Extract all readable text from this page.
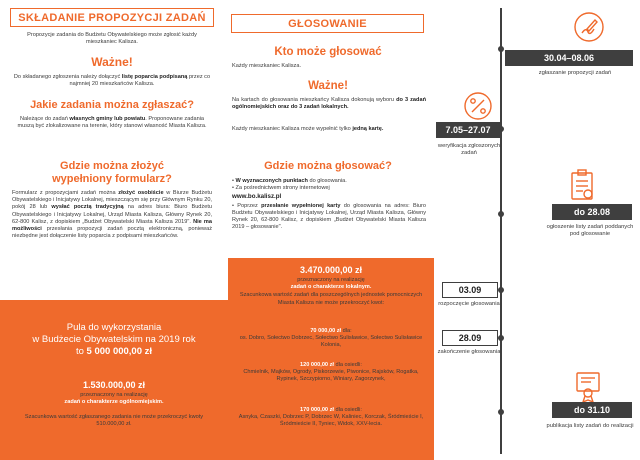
SKŁADANIE PROPOZYCJI ZADAŃ
Propozycje zadania do Budżetu Obywatelskiego może zgłosić każdy mieszkaniec Kalisza.
Ważne!
Do składanego zgłoszenia należy dołączyć listę poparcia podpisaną przez co najmniej 20 mieszkańców Kalisza.
Jakie zadania można zgłaszać?
Należące do zadań własnych gminy lub powiatu. Proponowane zadania muszą być zlokalizowane na terenie, który stanowi własność Miasta Kalisza.
Gdzie można złożyć
wypełniony formularz?
Formularz z propozycjami zadań można złożyć osobiście w Biurze Budżetu Obywatelskiego i Inicjatywy Lokalnej, mieszczącym się przy Głównym Rynku 20, pokój 28 lub wysłać pocztą tradycyjną na adres biura: Biuro Budżetu Obywatelskiego i Inicjatywy Lokalnej, Urząd Miasta Kalisza, Główny Rynek 20, 62-800 Kalisz, z dopiskiem „Budżet Obywatelski Miasta Kalisza 2019". Nie ma możliwości przesłania propozycji zadań pocztą elektroniczną, ponieważ niezbędne jest dołączenie listy poparcia z podpisami mieszkańców.
Pula do wykorzystania
w Budżecie Obywatelskim na 2019 rok
to 5 000 000,00 zł
1.530.000,00 zł
przeznaczony na realizację
zadań o charakterze ogólnomiejskim.
Szacunkowa wartość zgłaszanego zadania nie może przekroczyć kwoty 510.000,00 zł.
GŁOSOWANIE
Kto może głosować
Każdy mieszkaniec Kalisza.
Ważne!
Na kartach do głosowania mieszkańcy Kalisza dokonują wyboru do 3 zadań ogólnomiejskich oraz do 3 zadań lokalnych.
Każdy mieszkaniec Kalisza może wypełnić tylko jedną kartę.
Gdzie można głosować?
• W wyznaczonych punktach do głosowania.
• Za pośrednictwem strony internetowej
www.bo.kalisz.pl
• Poprzez przesłanie wypełnionej karty do głosowania na adres: Biuro Budżetu Obywatelskiego i Inicjatywy Lokalnej, Urząd Miasta Kalisza, Główny Rynek 20, 62-800 Kalisz, z dopiskiem „Budżet Obywatelski Miasta Kalisza 2019 – głosowanie".
3.470.000,00 zł
przeznaczony na realizację
zadań o charakterze lokalnym.
Szacunkowa wartość zadań dla poszczególnych jednostek pomocniczych Miasta Kalisza nie może przekroczyć kwot:
70 000,00 zł dla:
os. Dobro, Sołectwo Dobrzec, Sołectwo Sulisławice, Sołectwo Sulisławice Kolonia,
120 000,00 zł dla osiedli:
Chmielnik, Majków, Ogrody, Piskorzewie, Piwonice, Rajsków, Rogatka, Rypinek, Szczypiorno, Winiary, Zagorzynek,
170 000,00 zł dla osiedli:
Asnyka, Czaszki, Dobrzec P, Dobrzec W, Kaliniec, Korczak, Śródmieście I, Śródmieście II, Tyniec, Widok, XXV-lecia.
30.04–08.06
zgłaszanie propozycji zadań
7.05–27.07
weryfikacja zgłoszonych zadań
do 28.08
ogłoszenie listy zadań poddanych pod głosowanie
03.09
rozpoczęcie głosowania
28.09
zakończenie głosowania
do 31.10
publikacja listy zadań do realizacji
